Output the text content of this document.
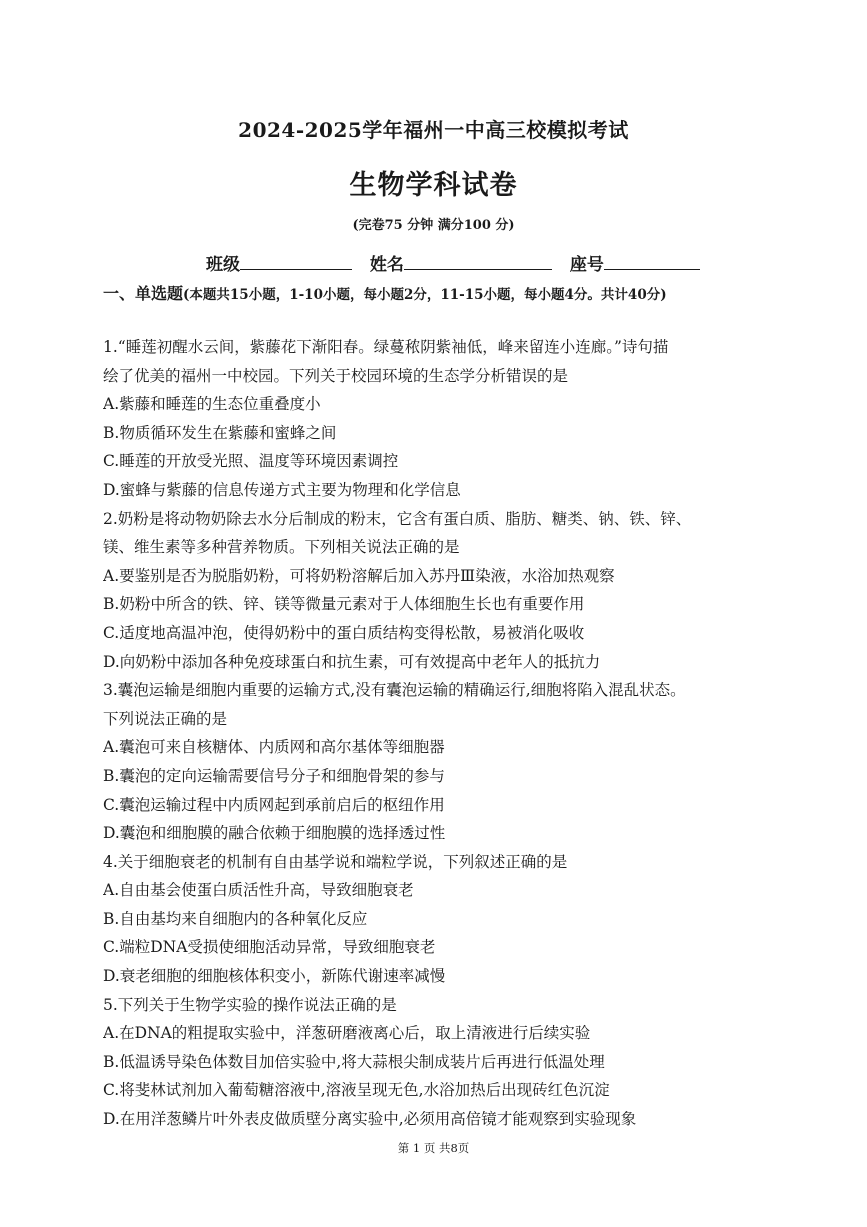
2024-2025学年福州一中高三校模拟考试
生物学科试卷
(完卷75 分钟 满分100 分)
班级	姓名	座号
一、单选题(本题共15小题，1-10小题，每小题2分，11-15小题，每小题4分。共计40分)
1.“睡莲初醒水云间，紫藤花下渐阳春。绿蔓秾阴紫袖低，峰来留连小连廊。”诗句描
绘了优美的福州一中校园。下列关于校园环境的生态学分析错误的是
A.紫藤和睡莲的生态位重叠度小
B.物质循环发生在紫藤和蜜蜂之间
C.睡莲的开放受光照、温度等环境因素调控
D.蜜蜂与紫藤的信息传递方式主要为物理和化学信息
2.奶粉是将动物奶除去水分后制成的粉末，它含有蛋白质、脂肪、糖类、钠、铁、锌、
镁、维生素等多种营养物质。下列相关说法正确的是
A.要鉴别是否为脱脂奶粉，可将奶粉溶解后加入苏丹Ⅲ染液，水浴加热观察
B.奶粉中所含的铁、锌、镁等微量元素对于人体细胞生长也有重要作用
C.适度地高温冲泡，使得奶粉中的蛋白质结构变得松散，易被消化吸收
D.向奶粉中添加各种免疫球蛋白和抗生素，可有效提高中老年人的抵抗力
3.囊泡运输是细胞内重要的运输方式,没有囊泡运输的精确运行,细胞将陷入混乱状态。
下列说法正确的是
A.囊泡可来自核糖体、内质网和高尔基体等细胞器
B.囊泡的定向运输需要信号分子和细胞骨架的参与
C.囊泡运输过程中内质网起到承前启后的枢纽作用
D.囊泡和细胞膜的融合依赖于细胞膜的选择透过性
4.关于细胞衰老的机制有自由基学说和端粒学说，下列叙述正确的是
A.自由基会使蛋白质活性升高，导致细胞衰老
B.自由基均来自细胞内的各种氧化反应
C.端粒DNA受损使细胞活动异常，导致细胞衰老
D.衰老细胞的细胞核体积变小，新陈代谢速率减慢
5.下列关于生物学实验的操作说法正确的是
A.在DNA的粗提取实验中，洋葱研磨液离心后，取上清液进行后续实验
B.低温诱导染色体数目加倍实验中,将大蒜根尖制成装片后再进行低温处理
C.将斐林试剂加入葡萄糖溶液中,溶液呈现无色,水浴加热后出现砖红色沉淀
D.在用洋葱鳞片叶外表皮做质壁分离实验中,必须用高倍镜才能观察到实验现象
第 1 页 共8页
